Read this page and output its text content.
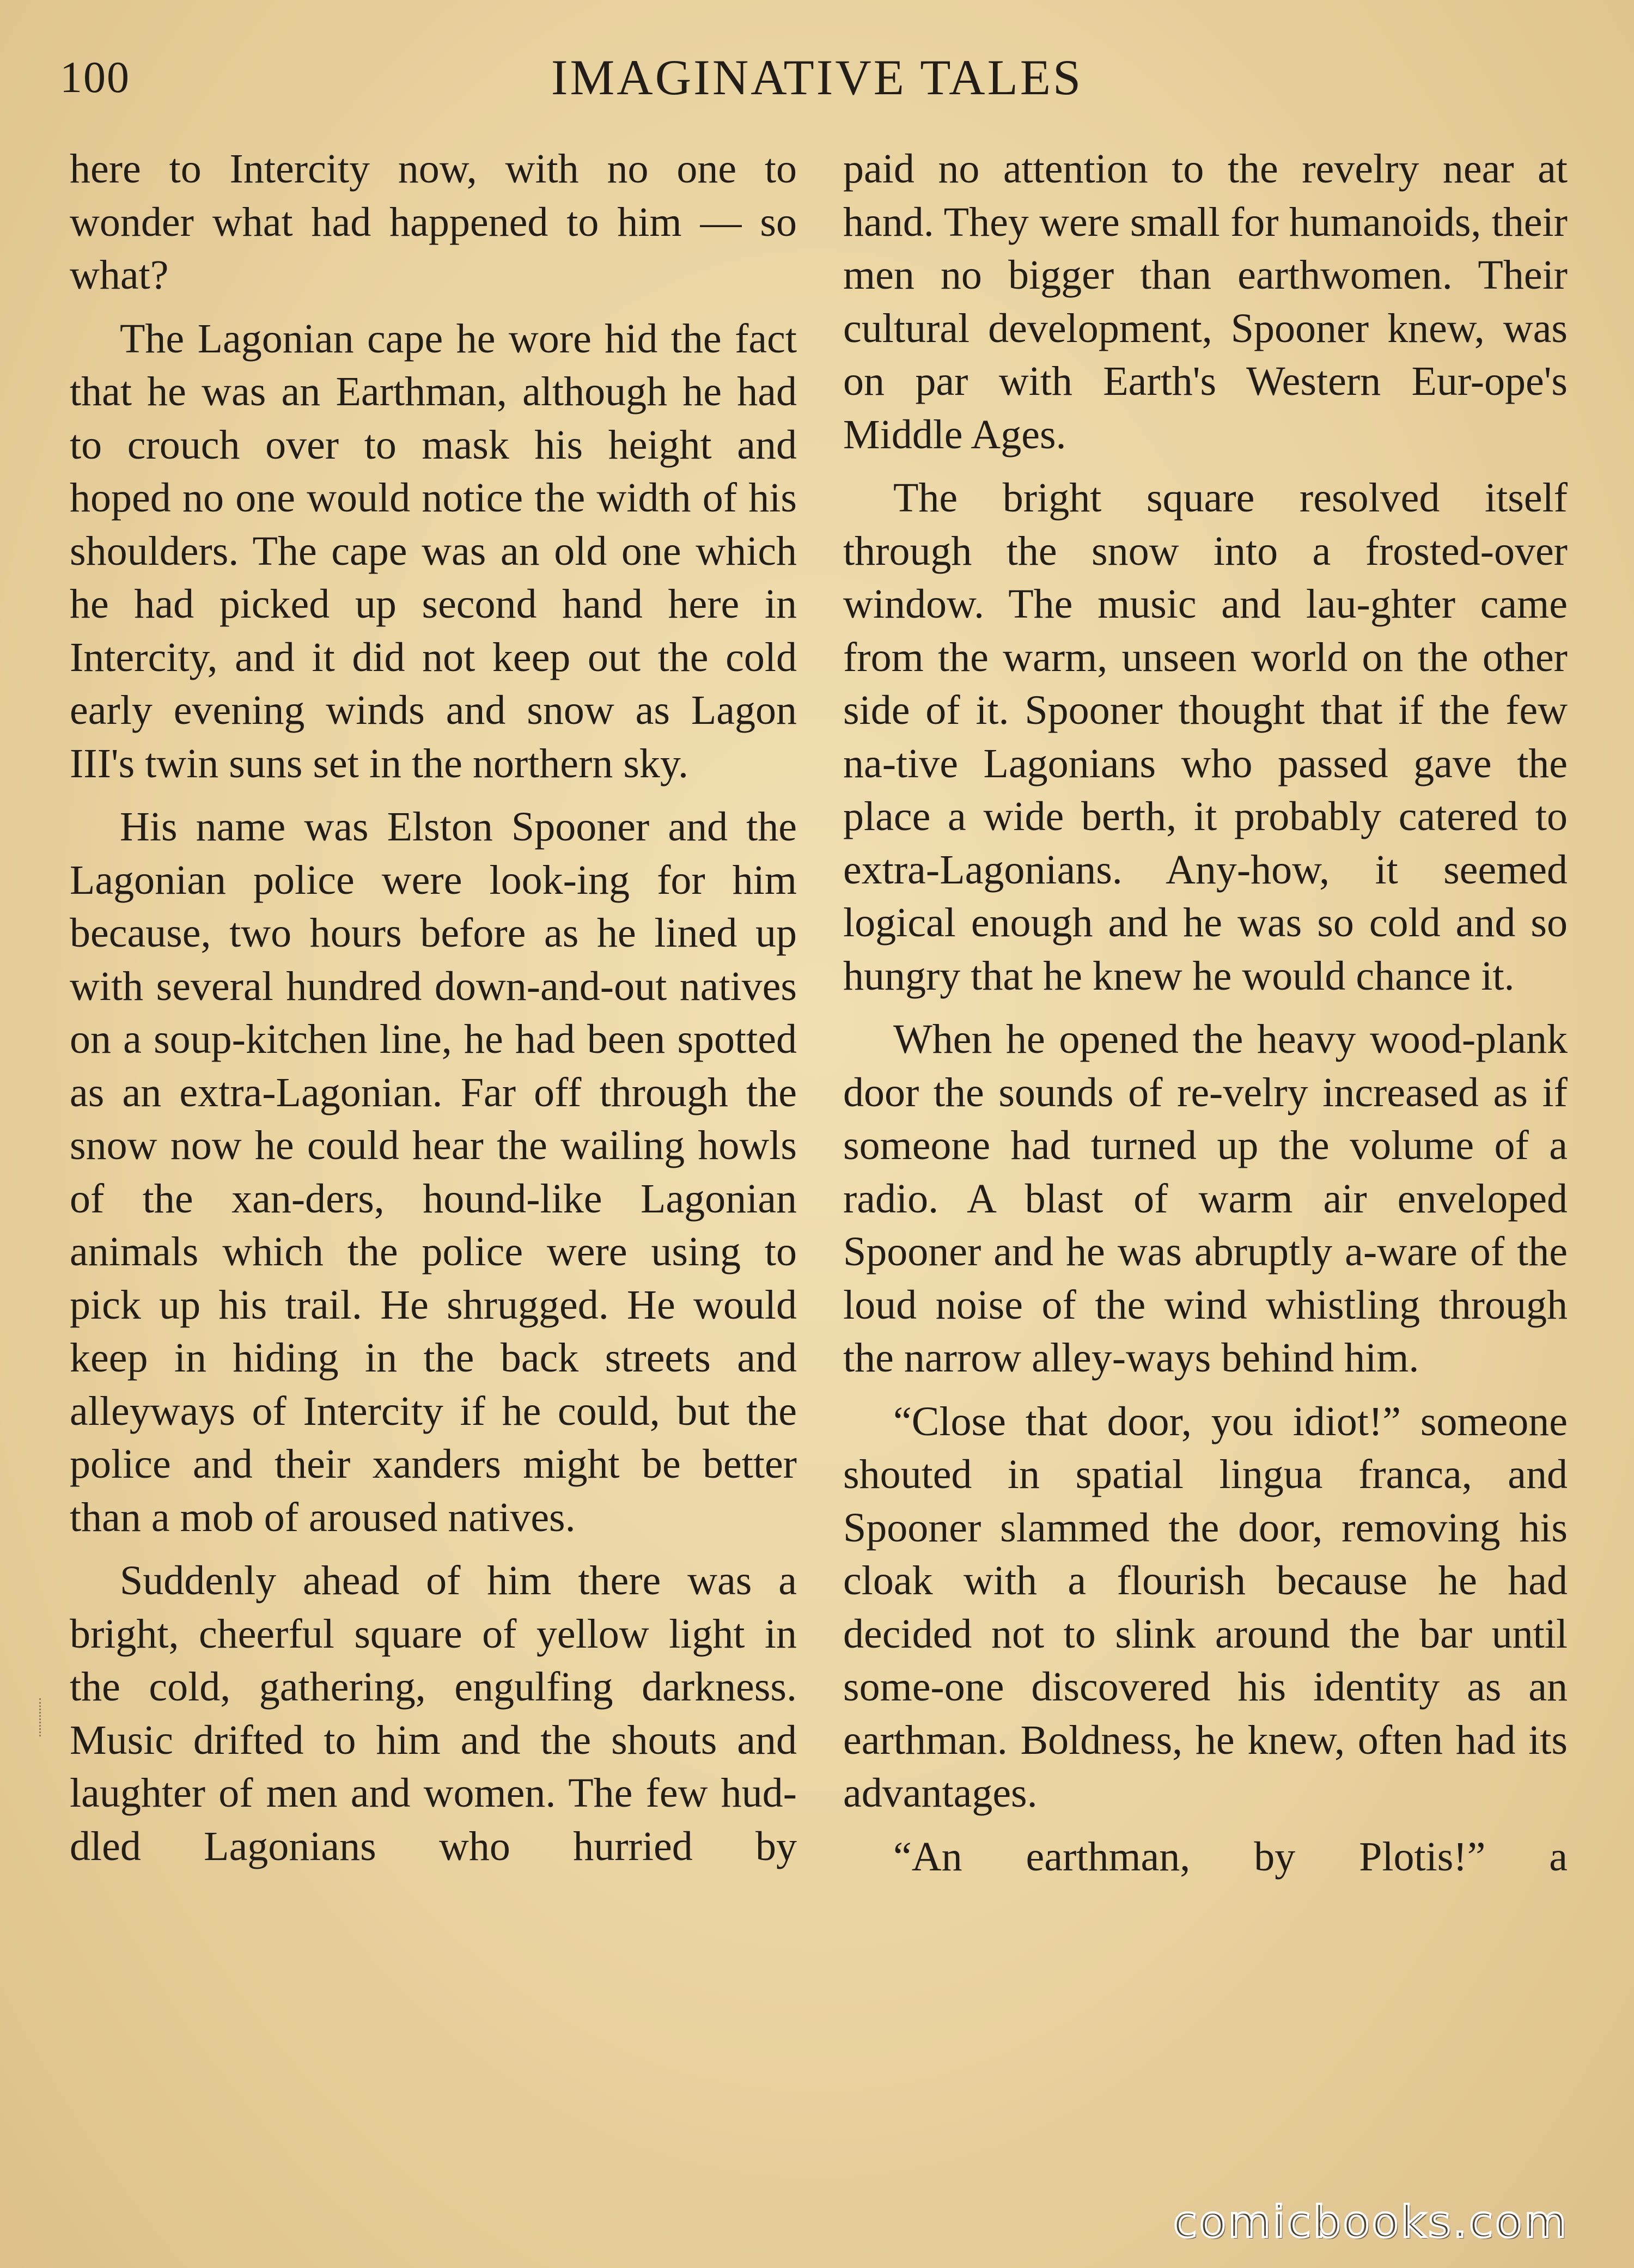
100	IMAGINATIVE TALES

here to Intercity now, with no one to wonder what had happened to him — so what?

The Lagonian cape he wore hid the fact that he was an Earthman, although he had to crouch over to mask his height and hoped no one would notice the width of his shoulders. The cape was an old one which he had picked up second hand here in Intercity, and it did not keep out the cold early evening winds and snow as Lagon III's twin suns set in the northern sky.

His name was Elston Spooner and the Lagonian police were look-ing for him because, two hours before as he lined up with several hundred down-and-out natives on a soup-kitchen line, he had been spotted as an extra-Lagonian. Far off through the snow now he could hear the wailing howls of the xan-ders, hound-like Lagonian animals which the police were using to pick up his trail. He shrugged. He would keep in hiding in the back streets and alleyways of Intercity if he could, but the police and their xanders might be better than a mob of aroused natives.

Suddenly ahead of him there was a bright, cheerful square of yellow light in the cold, gathering, engulfing darkness. Music drifted to him and the shouts and laughter of men and women. The few hud-dled Lagonians who hurried by

paid no attention to the revelry near at hand. They were small for humanoids, their men no bigger than earthwomen. Their cultural development, Spooner knew, was on par with Earth's Western Eur-ope's Middle Ages.

The bright square resolved itself through the snow into a frosted-over window. The music and lau-ghter came from the warm, unseen world on the other side of it. Spooner thought that if the few na-tive Lagonians who passed gave the place a wide berth, it probably catered to extra-Lagonians. Any-how, it seemed logical enough and he was so cold and so hungry that he knew he would chance it.

When he opened the heavy wood-plank door the sounds of re-velry increased as if someone had turned up the volume of a radio. A blast of warm air enveloped Spooner and he was abruptly a-ware of the loud noise of the wind whistling through the narrow alley-ways behind him.

“Close that door, you idiot!” someone shouted in spatial lingua franca, and Spooner slammed the door, removing his cloak with a flourish because he had decided not to slink around the bar until some-one discovered his identity as an earthman. Boldness, he knew, often had its advantages.

“An earthman, by Plotis!” a

comicbooks.com
